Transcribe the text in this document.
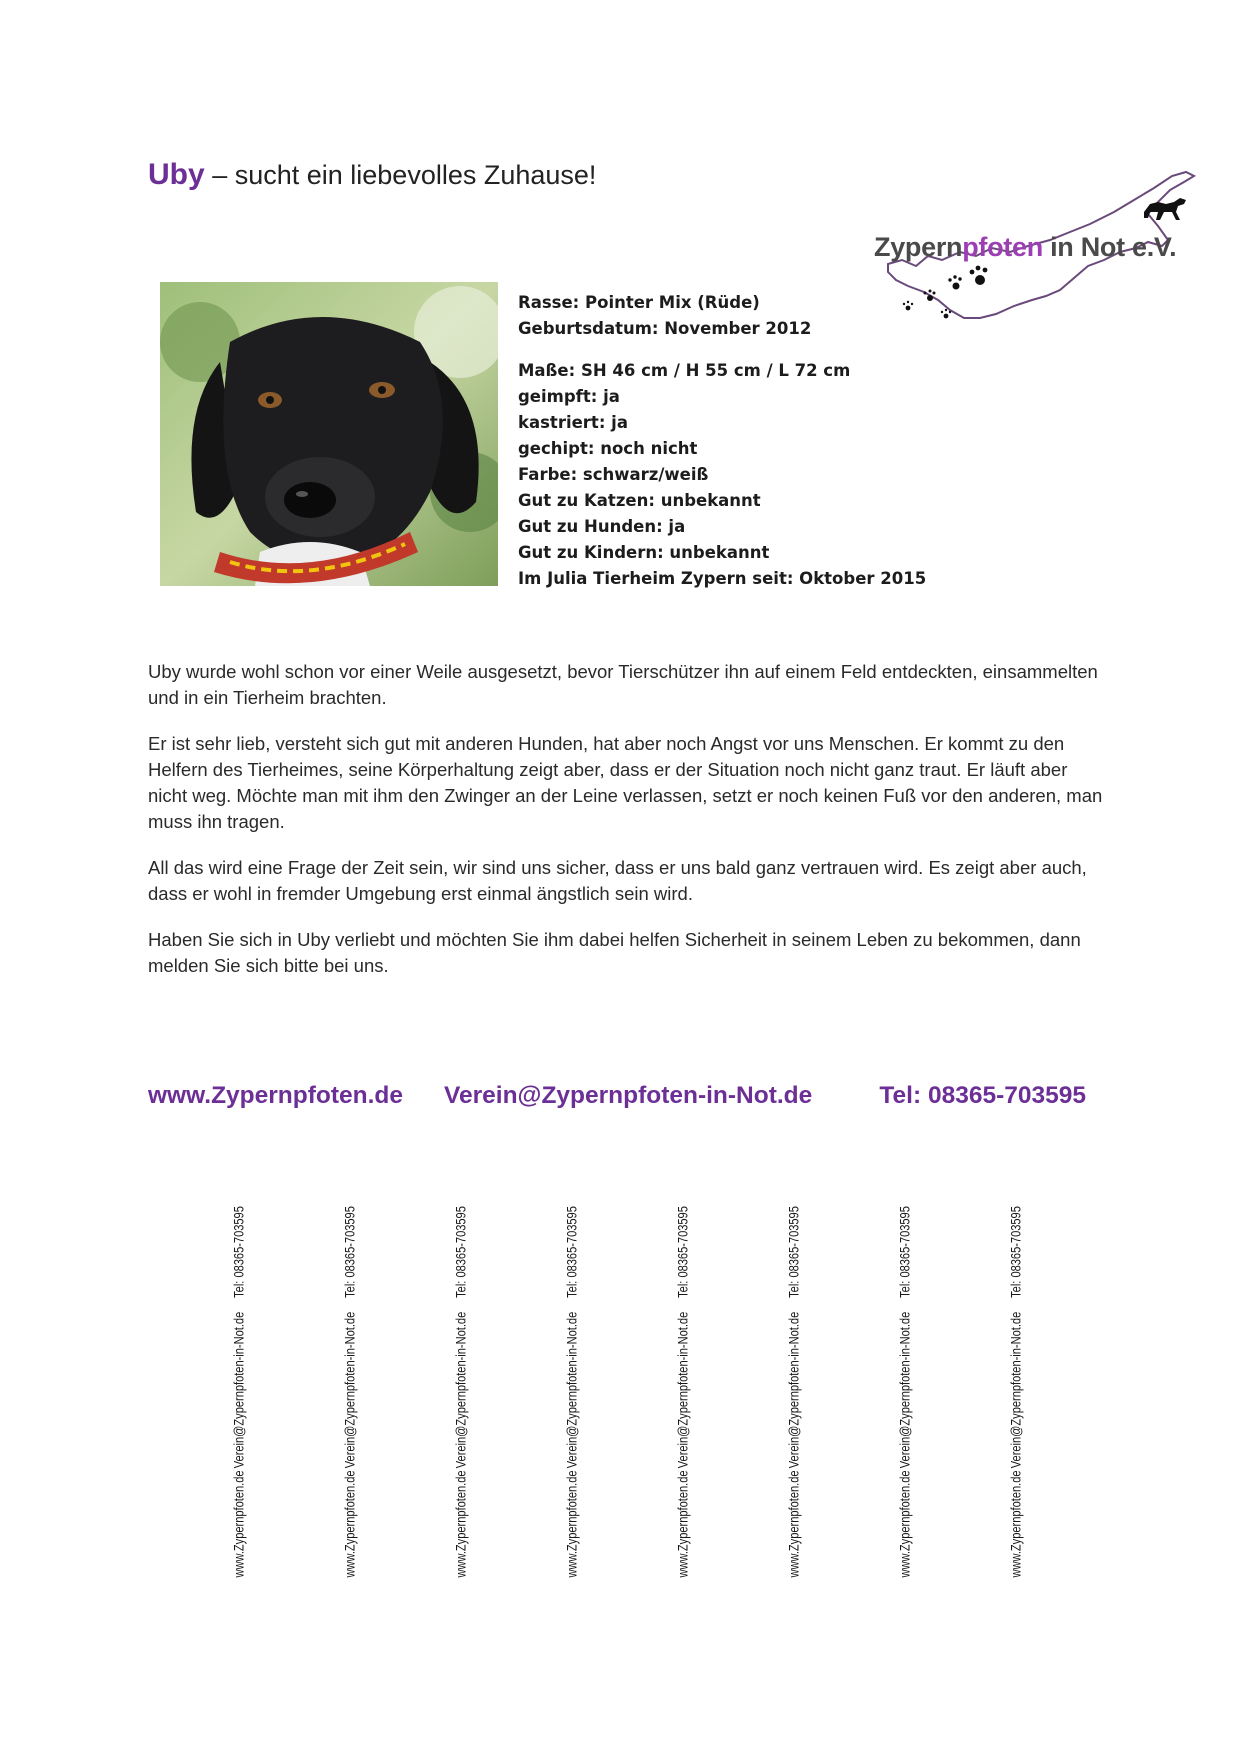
Uby – sucht ein liebevolles Zuhause!
Zypernpfoten in Not e.V.
Rasse: Pointer Mix (Rüde)
Geburtsdatum: November 2012
Maße: SH 46 cm / H 55 cm / L 72 cm
geimpft: ja
kastriert: ja
gechipt: noch nicht
Farbe: schwarz/weiß
Gut zu Katzen: unbekannt
Gut zu Hunden: ja
Gut zu Kindern: unbekannt
Im Julia Tierheim Zypern seit: Oktober 2015

Uby wurde wohl schon vor einer Weile ausgesetzt, bevor Tierschützer ihn auf einem Feld entdeckten, einsammelten und in ein Tierheim brachten.

Er ist sehr lieb, versteht sich gut mit anderen Hunden, hat aber noch Angst vor uns Menschen. Er kommt zu den Helfern des Tierheimes, seine Körperhaltung zeigt aber, dass er der Situation noch nicht ganz traut. Er läuft aber nicht weg. Möchte man mit ihm den Zwinger an der Leine verlassen, setzt er noch keinen Fuß vor den anderen, man muss ihn tragen.

All das wird eine Frage der Zeit sein, wir sind uns sicher, dass er uns bald ganz vertrauen wird. Es zeigt aber auch, dass er wohl in fremder Umgebung erst einmal ängstlich sein wird.

Haben Sie sich in Uby verliebt und möchten Sie ihm dabei helfen Sicherheit in seinem Leben zu bekommen, dann melden Sie sich bitte bei uns.

www.Zypernpfoten.de Verein@Zypernpfoten-in-Not.de	Tel: 08365-703595
Tel: 08365-703595
Verein@Zypernpfoten-in-Not.de
www.Zypernpfoten.de
Tel: 08365-703595
Verein@Zypernpfoten-in-Not.de
www.Zypernpfoten.de
Tel: 08365-703595
Verein@Zypernpfoten-in-Not.de
www.Zypernpfoten.de
Tel: 08365-703595
Verein@Zypernpfoten-in-Not.de
www.Zypernpfoten.de
Tel: 08365-703595
Verein@Zypernpfoten-in-Not.de
www.Zypernpfoten.de
Tel: 08365-703595
Verein@Zypernpfoten-in-Not.de
www.Zypernpfoten.de
Tel: 08365-703595
Verein@Zypernpfoten-in-Not.de
www.Zypernpfoten.de
Tel: 08365-703595
Verein@Zypernpfoten-in-Not.de
www.Zypernpfoten.de
